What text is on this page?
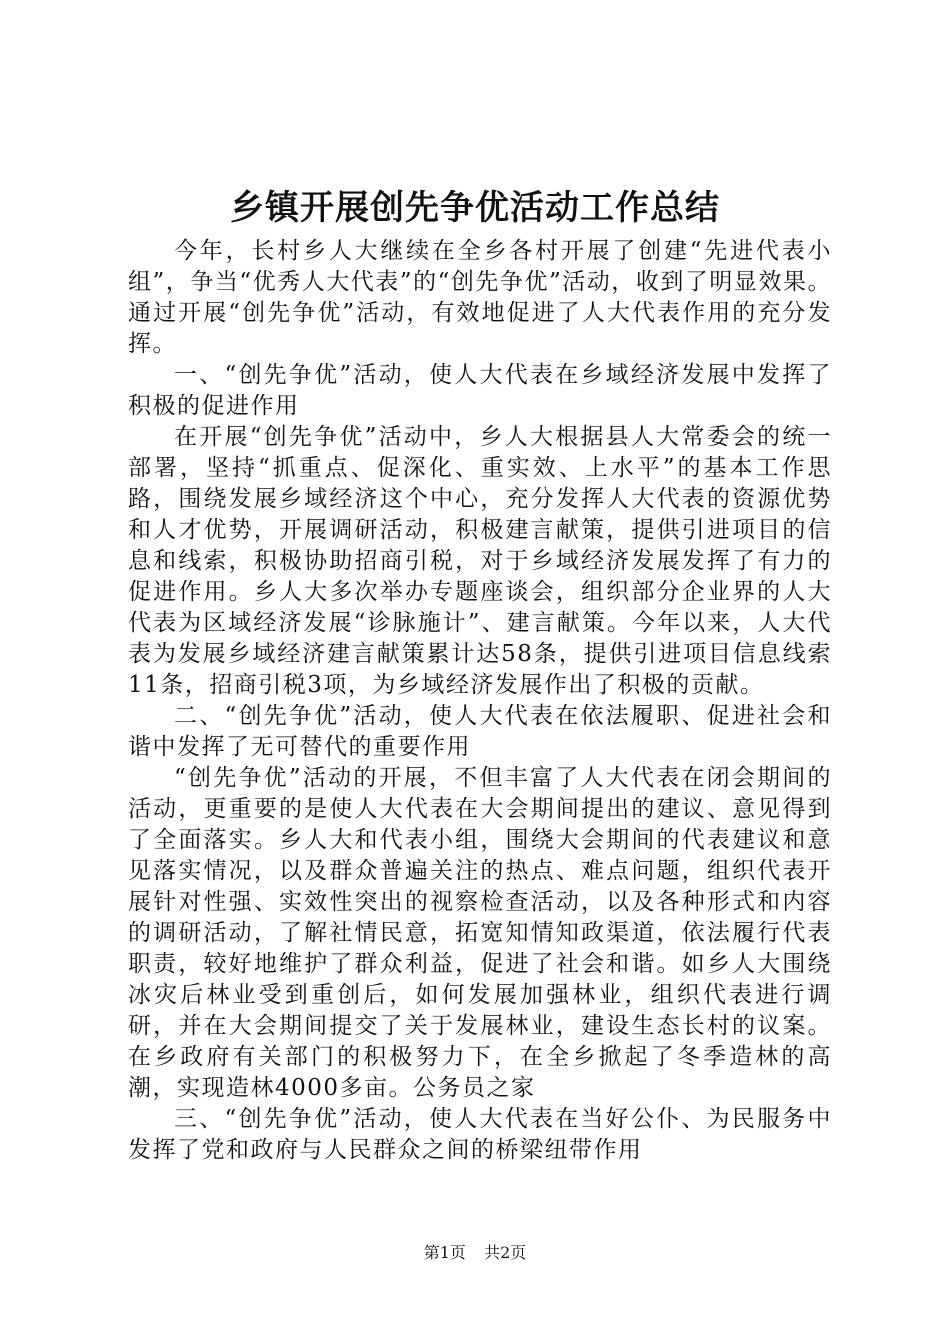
乡镇开展创先争优活动工作总结

今年，长村乡人大继续在全乡各村开展了创建“先进代表小组”，争当“优秀人大代表”的“创先争优”活动，收到了明显效果。通过开展“创先争优”活动，有效地促进了人大代表作用的充分发挥。

一、“创先争优”活动，使人大代表在乡域经济发展中发挥了积极的促进作用

在开展“创先争优”活动中，乡人大根据县人大常委会的统一部署，坚持“抓重点、促深化、重实效、上水平”的基本工作思路，围绕发展乡域经济这个中心，充分发挥人大代表的资源优势和人才优势，开展调研活动，积极建言献策，提供引进项目的信息和线索，积极协助招商引税，对于乡域经济发展发挥了有力的促进作用。乡人大多次举办专题座谈会，组织部分企业界的人大代表为区域经济发展“诊脉施计”、建言献策。今年以来，人大代表为发展乡域经济建言献策累计达58条，提供引进项目信息线索11条，招商引税3项，为乡域经济发展作出了积极的贡献。

二、“创先争优”活动，使人大代表在依法履职、促进社会和谐中发挥了无可替代的重要作用

“创先争优”活动的开展，不但丰富了人大代表在闭会期间的活动，更重要的是使人大代表在大会期间提出的建议、意见得到了全面落实。乡人大和代表小组，围绕大会期间的代表建议和意见落实情况，以及群众普遍关注的热点、难点问题，组织代表开展针对性强、实效性突出的视察检查活动，以及各种形式和内容的调研活动，了解社情民意，拓宽知情知政渠道，依法履行代表职责，较好地维护了群众利益，促进了社会和谐。如乡人大围绕冰灾后林业受到重创后，如何发展加强林业，组织代表进行调研，并在大会期间提交了关于发展林业，建设生态长村的议案。在乡政府有关部门的积极努力下，在全乡掀起了冬季造林的高潮，实现造林4000多亩。公务员之家

三、“创先争优”活动，使人大代表在当好公仆、为民服务中发挥了党和政府与人民群众之间的桥梁纽带作用

第1页 共2页
